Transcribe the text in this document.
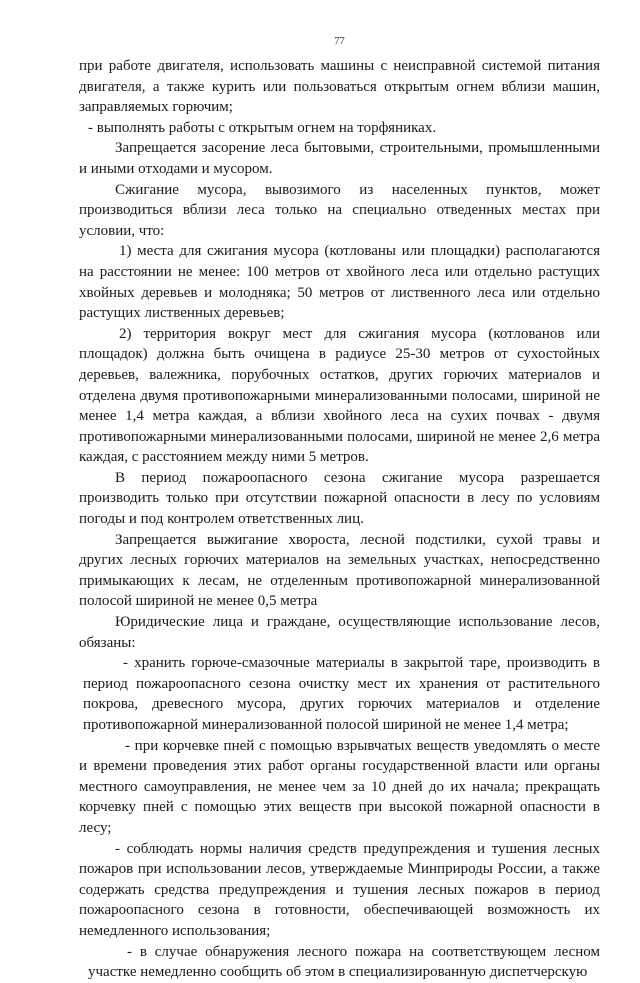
77

при работе двигателя, использовать машины с неисправной системой питания двигателя, а также курить или пользоваться открытым огнем вблизи машин, заправляемых горючим;

- выполнять работы с открытым огнем на торфяниках.

Запрещается засорение леса бытовыми, строительными, промышленными и иными отходами и мусором.

Сжигание мусора, вывозимого из населенных пунктов, может производиться вблизи леса только на специально отведенных местах при условии, что:

1) места для сжигания мусора (котлованы или площадки) располагаются на расстоянии не менее: 100 метров от хвойного леса или отдельно растущих хвойных деревьев и молодняка; 50 метров от лиственного леса или отдельно растущих лиственных деревьев;

2) территория вокруг мест для сжигания мусора (котлованов или площадок) должна быть очищена в радиусе 25-30 метров от сухостойных деревьев, валежника, порубочных остатков, других горючих материалов и отделена двумя противопожарными минерализованными полосами, шириной не менее 1,4 метра каждая, а вблизи хвойного леса на сухих почвах - двумя противопожарными минерализованными полосами, шириной не менее 2,6 метра каждая, с расстоянием между ними 5 метров.

В период пожароопасного сезона сжигание мусора разрешается производить только при отсутствии пожарной опасности в лесу по условиям погоды и под контролем ответственных лиц.

Запрещается выжигание хвороста, лесной подстилки, сухой травы и других лесных горючих материалов на земельных участках, непосредственно примыкающих к лесам, не отделенным противопожарной минерализованной полосой шириной не менее 0,5 метра

Юридические лица и граждане, осуществляющие использование лесов, обязаны:

- хранить горюче-смазочные материалы в закрытой таре, производить в период пожароопасного сезона очистку мест их хранения от растительного покрова, древесного мусора, других горючих материалов и отделение противопожарной минерализованной полосой шириной не менее 1,4 метра;

- при корчевке пней с помощью взрывчатых веществ уведомлять о месте и времени проведения этих работ органы государственной власти или органы местного самоуправления, не менее чем за 10 дней до их начала; прекращать корчевку пней с помощью этих веществ при высокой пожарной опасности в лесу;

- соблюдать нормы наличия средств предупреждения и тушения лесных пожаров при использовании лесов, утверждаемые Минприроды России, а также содержать средства предупреждения и тушения лесных пожаров в период пожароопасного сезона в готовности, обеспечивающей возможность их немедленного использования;

- в случае обнаружения лесного пожара на соответствующем лесном участке немедленно сообщить об этом в специализированную диспетчерскую
